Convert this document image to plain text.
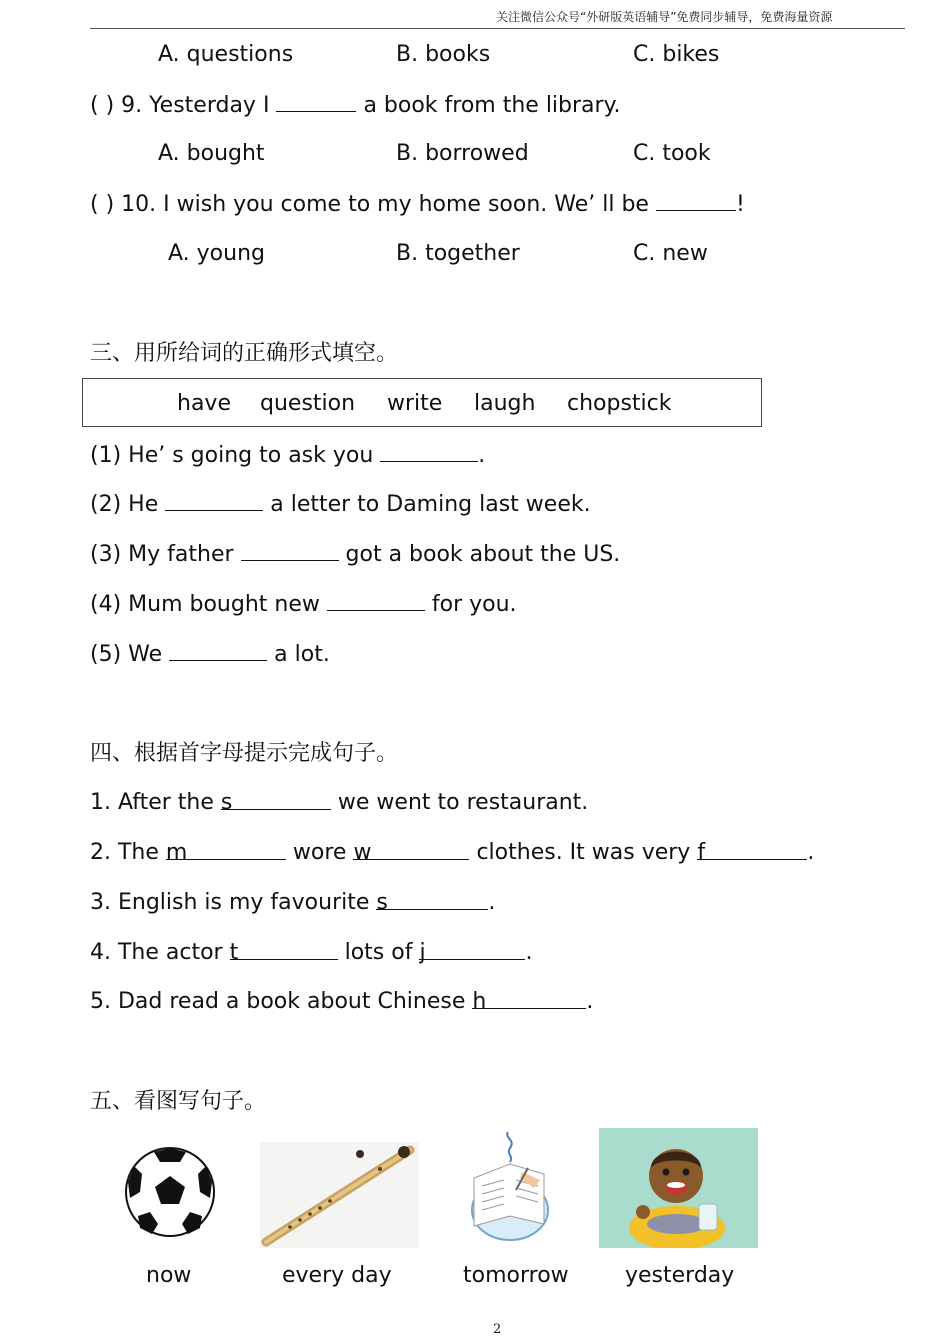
关注微信公众号“外研版英语辅导”免费同步辅导，免费海量资源
A. questions	B. books	C. bikes
( ) 9. Yesterday I	a book from the library.
A. bought	B. borrowed	C. took
( ) 10. I wish you come to my home soon. We’ ll be	!
A. young	B. together	C. new
三、用所给词的正确形式填空。
have question write laugh chopstick
(1) He’ s going to ask you	.
(2) He	a letter to Daming last week.
(3) My father	got a book about the US.
(4) Mum bought new	for you.
(5) We	a lot.
四、根据首字母提示完成句子。
1. After the s	we went to restaurant.
2. The m	wore w	clothes. It was very f	.
3. English is my favourite s	.
4. The actor t	lots of j	.
5. Dad read a book about Chinese h	.
五、看图写句子。
now	every day	tomorrow	yesterday
2
